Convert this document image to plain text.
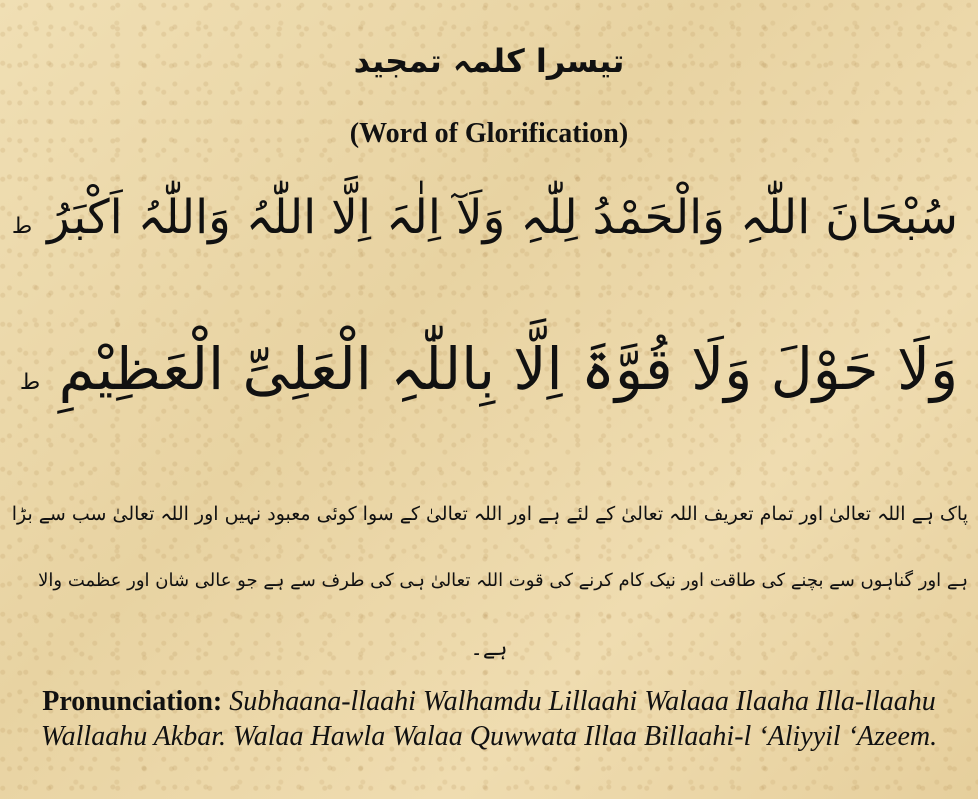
تیسرا کلمہ تمجید
(Word of Glorification)
سُبْحَانَ اللّٰہِ وَالْحَمْدُ لِلّٰہِ وَلَآ اِلٰہَ اِلَّا اللّٰہُ وَاللّٰہُ اَکْبَرُ ط
وَلَا حَوْلَ وَلَا قُوَّۃَ اِلَّا بِاللّٰہِ الْعَلِیِّ الْعَظِیْمِ ط
پاک ہے اللہ تعالیٰ اور تمام تعریف اللہ تعالیٰ کے لئے ہے اور اللہ تعالیٰ کے سوا کوئی معبود نہیں اور اللہ تعالیٰ سب سے بڑا
ہے اور گناہوں سے بچنے کی طاقت اور نیک کام کرنے کی قوت اللہ تعالیٰ ہی کی طرف سے ہے جو عالی شان اور عظمت والا
ہے۔
Pronunciation: Subhaana-llaahi Walhamdu Lillaahi Walaaa Ilaaha Illa-llaahu Wallaahu Akbar. Walaa Hawla Walaa Quwwata Illaa Billaahi-l ‘Aliyyil ‘Azeem.
